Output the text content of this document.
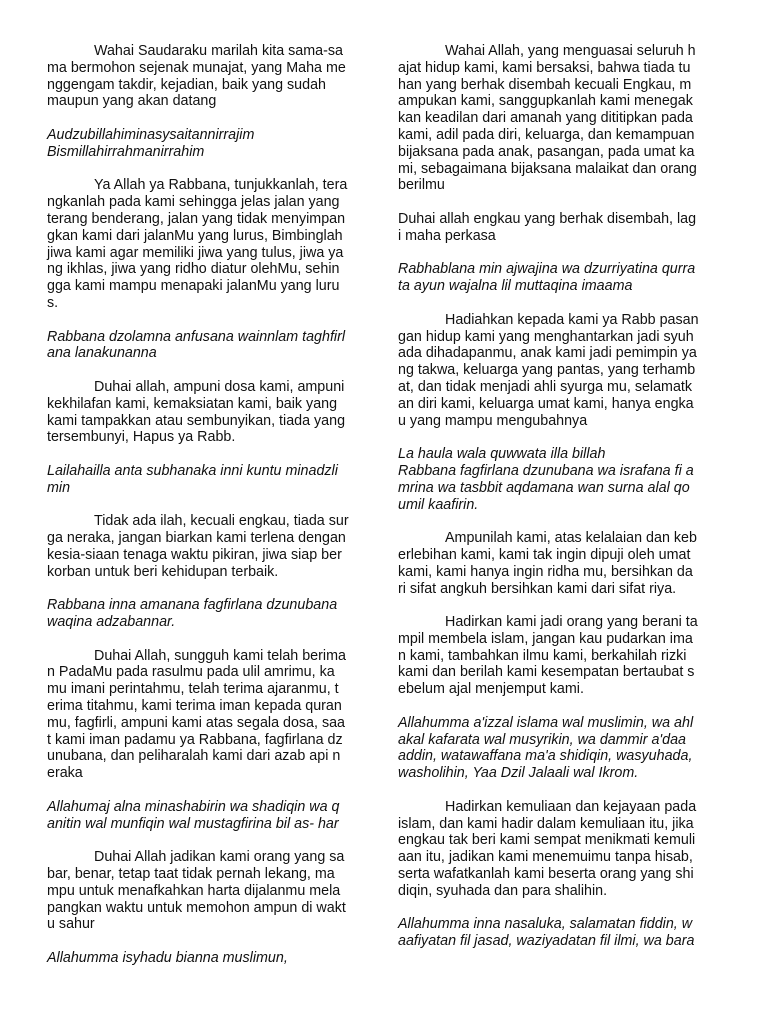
Wahai Saudaraku marilah kita sama-sa
ma bermohon sejenak munajat, yang Maha me
nggengam takdir, kejadian, baik yang sudah
maupun yang akan datang

Audzubillahiminasysaitannirrajim
Bismillahirrahmanirrahim

Ya Allah ya Rabbana, tunjukkanlah, tera
ngkanlah pada kami sehingga jelas jalan yang
terang benderang, jalan yang tidak menyimpan
gkan kami dari jalanMu yang lurus, Bimbinglah
jiwa kami agar memiliki jiwa yang tulus, jiwa ya
ng ikhlas, jiwa yang ridho diatur olehMu, sehin
gga kami mampu menapaki jalanMu yang luru
s.

Rabbana dzolamna anfusana wainnlam taghfirl
ana lanakunanna

Duhai allah, ampuni dosa kami, ampuni
kekhilafan kami, kemaksiatan kami, baik yang
kami tampakkan atau sembunyikan, tiada yang
tersembunyi, Hapus ya Rabb.

Lailahailla anta subhanaka inni kuntu minadzli
min

Tidak ada ilah, kecuali engkau, tiada sur
ga neraka, jangan biarkan kami terlena dengan
kesia-siaan tenaga waktu pikiran, jiwa siap ber
korban untuk beri kehidupan terbaik.

Rabbana inna amanana fagfirlana dzunubana
waqina adzabannar.

Duhai Allah, sungguh kami telah berima
n PadaMu pada rasulmu pada ulil amrimu, ka
mu imani perintahmu, telah terima ajaranmu, t
erima titahmu, kami terima iman kepada quran
mu, fagfirli, ampuni kami atas segala dosa, saa
t kami iman padamu ya Rabbana, fagfirlana dz
unubana, dan peliharalah kami dari azab api n
eraka

Allahumaj alna minashabirin wa shadiqin wa q
anitin wal munfiqin wal mustagfirina bil as- har

Duhai Allah jadikan kami orang yang sa
bar, benar, tetap taat tidak pernah lekang, ma
mpu untuk menafkahkan harta dijalanmu mela
pangkan waktu untuk memohon ampun di wakt
u sahur

Allahumma isyhadu bianna muslimun,

Wahai Allah, yang menguasai seluruh h
ajat hidup kami, kami bersaksi, bahwa tiada tu
han yang berhak disembah kecuali Engkau, m
ampukan kami, sanggupkanlah kami menegak
kan keadilan dari amanah yang dititipkan pada
kami, adil pada diri, keluarga, dan kemampuan
bijaksana pada anak, pasangan, pada umat ka
mi, sebagaimana bijaksana malaikat dan orang
berilmu

Duhai allah engkau yang berhak disembah, lag
i maha perkasa

Rabhablana min ajwajina wa dzurriyatina qurra
ta ayun wajalna lil muttaqina imaama

Hadiahkan kepada kami ya Rabb pasan
gan hidup kami yang menghantarkan jadi syuh
ada dihadapanmu, anak kami jadi pemimpin ya
ng takwa, keluarga yang pantas, yang terhamb
at, dan tidak menjadi ahli syurga mu, selamatk
an diri kami, keluarga umat kami, hanya engka
u yang mampu mengubahnya

La haula wala quwwata illa billah
Rabbana fagfirlana dzunubana wa israfana fi a
mrina wa tasbbit aqdamana wan surna alal qo
umil kaafirin.

Ampunilah kami, atas kelalaian dan keb
erlebihan kami, kami tak ingin dipuji oleh umat
kami, kami hanya ingin ridha mu, bersihkan da
ri sifat angkuh bersihkan kami dari sifat riya.

Hadirkan kami jadi orang yang berani ta
mpil membela islam, jangan kau pudarkan ima
n kami, tambahkan ilmu kami, berkahilah rizki
kami dan berilah kami kesempatan bertaubat s
ebelum ajal menjemput kami.

Allahumma a'izzal islama wal muslimin, wa ahl
akal kafarata wal musyrikin, wa dammir a'daa
addin, watawaffana ma'a shidiqin, wasyuhada,
washolihin, Yaa Dzil Jalaali wal Ikrom.

Hadirkan kemuliaan dan kejayaan pada
islam, dan kami hadir dalam kemuliaan itu, jika
engkau tak beri kami sempat menikmati kemuli
aan itu, jadikan kami menemuimu tanpa hisab,
serta wafatkanlah kami beserta orang yang shi
diqin, syuhada dan para shalihin.

Allahumma inna nasaluka, salamatan fiddin, w
aafiyatan fil jasad, waziyadatan fil ilmi, wa bara
